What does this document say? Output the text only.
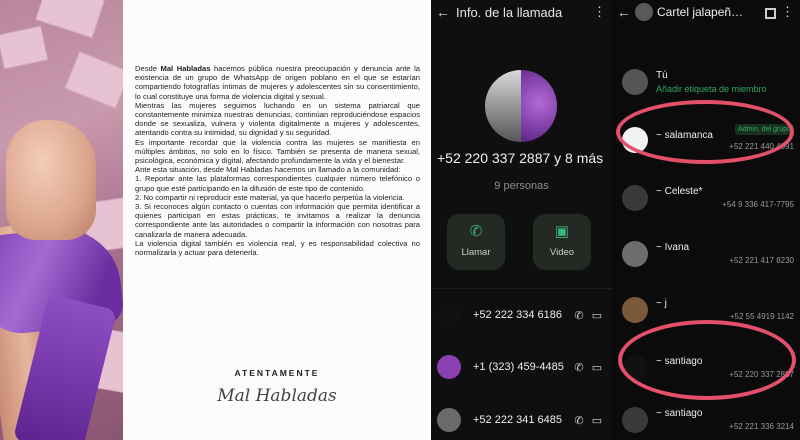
Desde Mal Habladas hacemos pública nuestra preocupación y denuncia ante la existencia de un grupo de WhatsApp de origen poblano en el que se estarían compartiendo fotografías íntimas de mujeres y adolescentes sin su consentimiento, lo cual constituye una forma de violencia digital y sexual.
Mientras las mujeres seguimos luchando en un sistema patriarcal que constantemente minimiza nuestras denuncias, continúan reproduciéndose espacios donde se sexualiza, vulnera y violenta digitalmente a mujeres y adolescentes, atentando contra su intimidad, su dignidad y su seguridad.
Es importante recordar que la violencia contra las mujeres se manifiesta en múltiples ámbitos, no solo en lo físico. También se presenta de manera sexual, psicológica, económica y digital, afectando profundamente la vida y el bienestar.
Ante esta situación, desde Mal Habladas hacemos un llamado a la comunidad:
1. Reportar ante las plataformas correspondientes cualquier número telefónico o grupo que esté participando en la difusión de este tipo de contenido.
2. No compartir ni reproducir este material, ya que hacerlo perpetúa la violencia.
3. Si reconoces algún contacto o cuentas con información que permita identificar a quienes participan en estas prácticas, te invitamos a realizar la denuncia correspondiente ante las autoridades o compartir la información con nosotras para canalizarla de manera adecuada.
La violencia digital también es violencia real, y es responsabilidad colectiva no normalizarla y actuar para detenerla.
ATENTAMENTE
Mal Habladas
← Info. de la llamada ⋮
+52 220 337 2887 y 8 más
9 personas
✆
Llamar
▣
Video
+52 222 334 6186	✆ ▭
+1 (323) 459-4485 ✆ ▭
+52 222 341 6485	✆ ▭
← Cartel jalapeñ…	⋮
Tú
Añadir etiqueta de miembro
~ salamanca
+52 221 440 4091
Admin. del grupo
~ Celeste*
+54 9 336 417-7795
~ Ivana
+52 221 417 8230
~ j
+52 55 4919 1142
~ santiago
+52 220 337 2887
~ santiago
+52 221 336 3214
